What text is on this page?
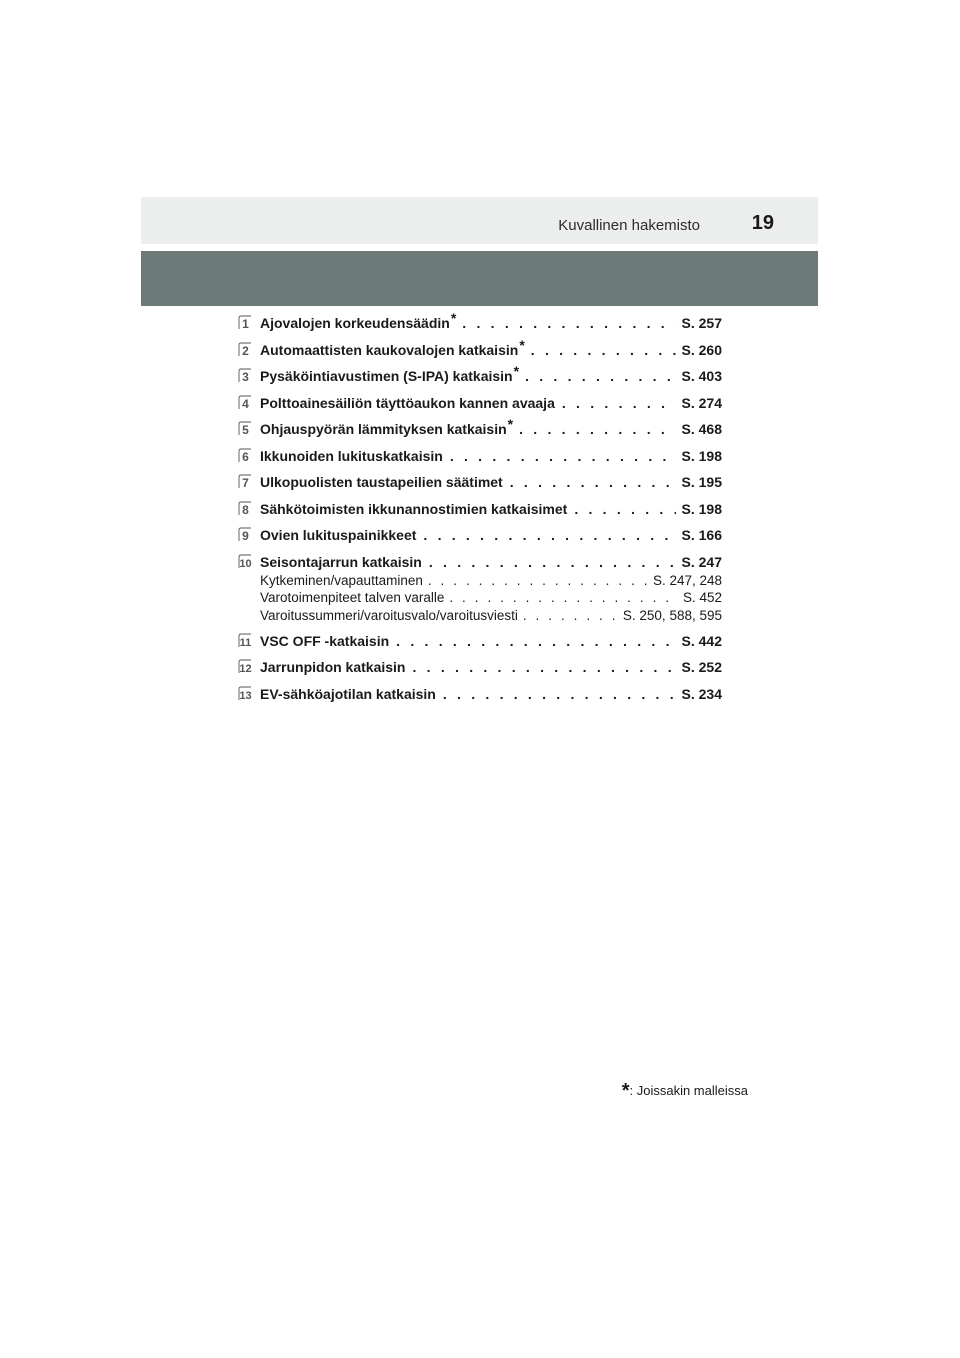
Kuvallinen hakemisto	19
1 Ajovalojen korkeudensäädin* . . .	S. 257
2 Automaattisten kaukovalojen katkaisin* . . .	S. 260
3 Pysäköintiavustimen (S-IPA) katkaisin* . . .	S. 403
4 Polttoainesäiliön täyttöaukon kannen avaaja . . .	S. 274
5 Ohjauspyörän lämmityksen katkaisin* . . .	S. 468
6 Ikkunoiden lukituskatkaisin . . .	S. 198
7 Ulkopuolisten taustapeilien säätimet . . .	S. 195
8 Sähkötoimisten ikkunannostimien katkaisimet . . .	S. 198
9 Ovien lukituspainikkeet . . .	S. 166
10 Seisontajarrun katkaisin . . .	S. 247
Kytkeminen/vapauttaminen . . .	S. 247, 248
Varotoimenpiteet talven varalle . . .	S. 452
Varoitussummeri/varoitusvalo/varoitusviesti . . .	S. 250, 588, 595
11 VSC OFF -katkaisin . . .	S. 442
12 Jarrunpidon katkaisin . . .	S. 252
13 EV-sähköajotilan katkaisin . . .	S. 234
*: Joissakin malleissa
